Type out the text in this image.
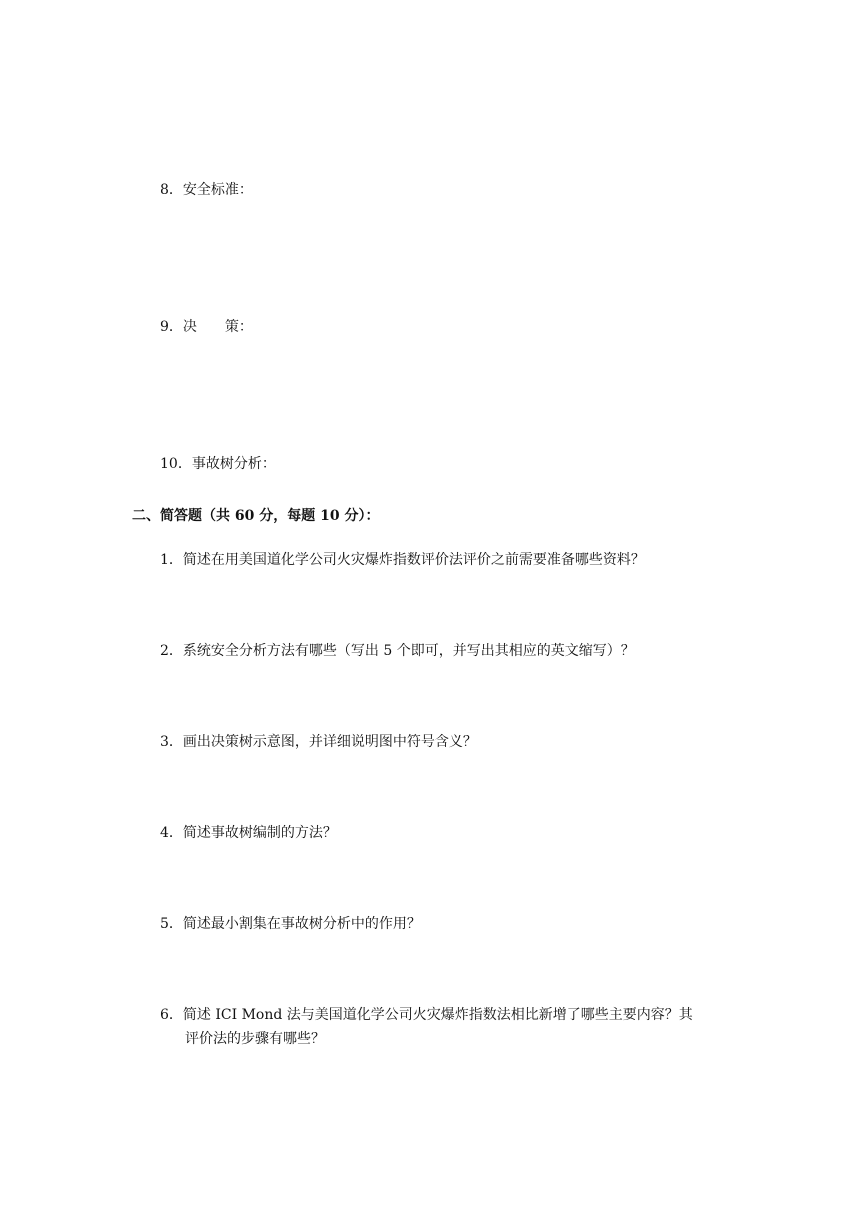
8．安全标准：
9．决　　策：
10．事故树分析：
二、简答题（共 60 分，每题 10 分）：
1．简述在用美国道化学公司火灾爆炸指数评价法评价之前需要准备哪些资料？
2．系统安全分析方法有哪些（写出 5 个即可，并写出其相应的英文缩写）？
3．画出决策树示意图，并详细说明图中符号含义？
4．简述事故树编制的方法？
5．简述最小割集在事故树分析中的作用？
6．简述 ICI Mond 法与美国道化学公司火灾爆炸指数法相比新增了哪些主要内容？其
评价法的步骤有哪些？
